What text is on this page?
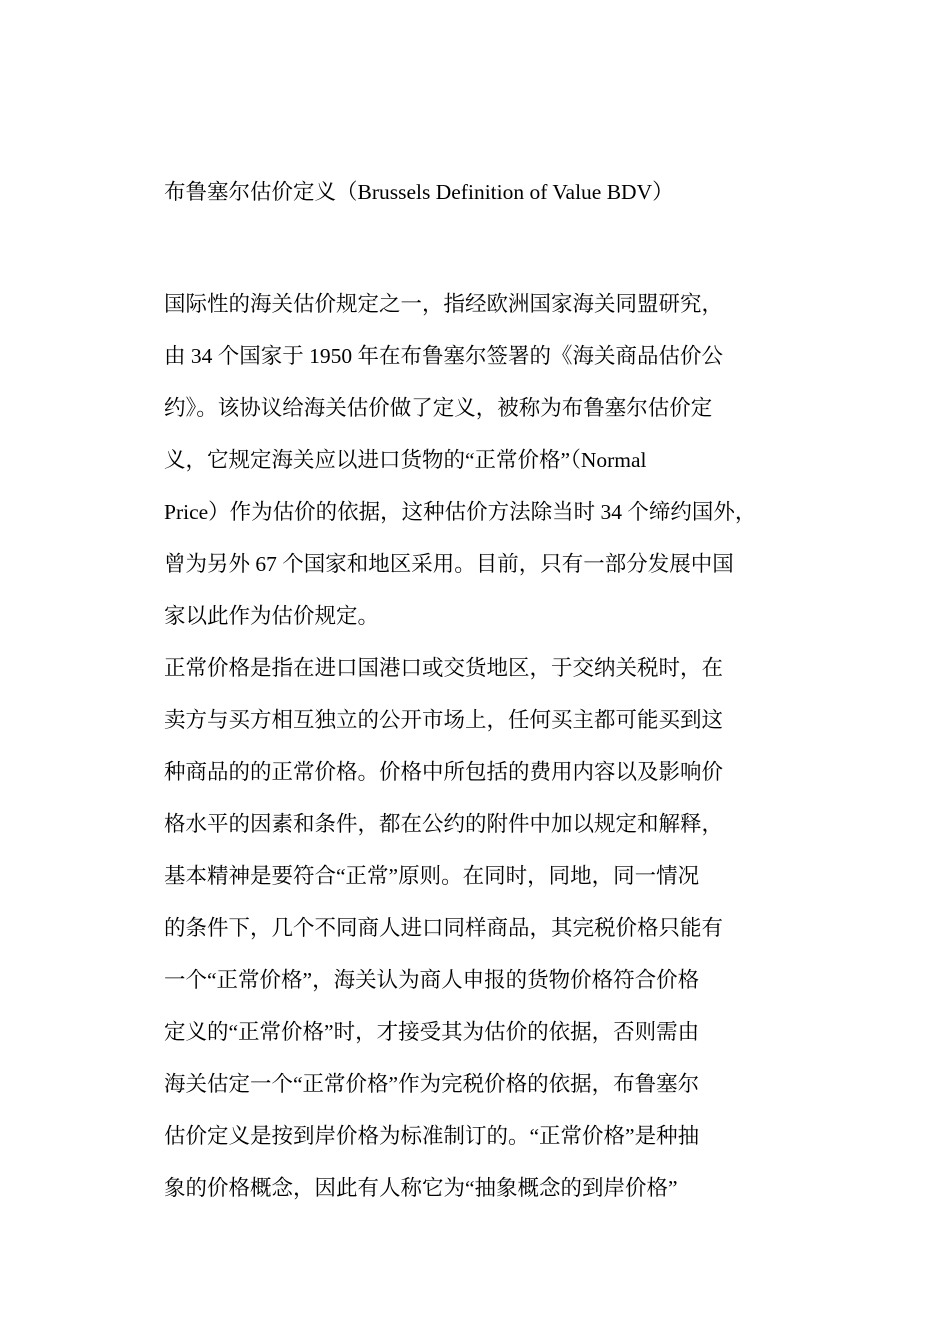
布鲁塞尔估价定义（Brussels Definition of Value BDV）
国际性的海关估价规定之一，指经欧洲国家海关同盟研究，
由 34 个国家于 1950 年在布鲁塞尔签署的《海关商品估价公
约》。该协议给海关估价做了定义，被称为布鲁塞尔估价定
义，它规定海关应以进口货物的“正常价格”（Normal
Price）作为估价的依据，这种估价方法除当时 34 个缔约国外，
曾为另外 67 个国家和地区采用。目前，只有一部分发展中国
家以此作为估价规定。
正常价格是指在进口国港口或交货地区，于交纳关税时，在
卖方与买方相互独立的公开市场上，任何买主都可能买到这
种商品的的正常价格。价格中所包括的费用内容以及影响价
格水平的因素和条件，都在公约的附件中加以规定和解释，
基本精神是要符合“正常”原则。在同时，同地，同一情况
的条件下，几个不同商人进口同样商品，其完税价格只能有
一个“正常价格”，海关认为商人申报的货物价格符合价格
定义的“正常价格”时，才接受其为估价的依据，否则需由
海关估定一个“正常价格”作为完税价格的依据，布鲁塞尔
估价定义是按到岸价格为标准制订的。“正常价格”是种抽
象的价格概念，因此有人称它为“抽象概念的到岸价格”
